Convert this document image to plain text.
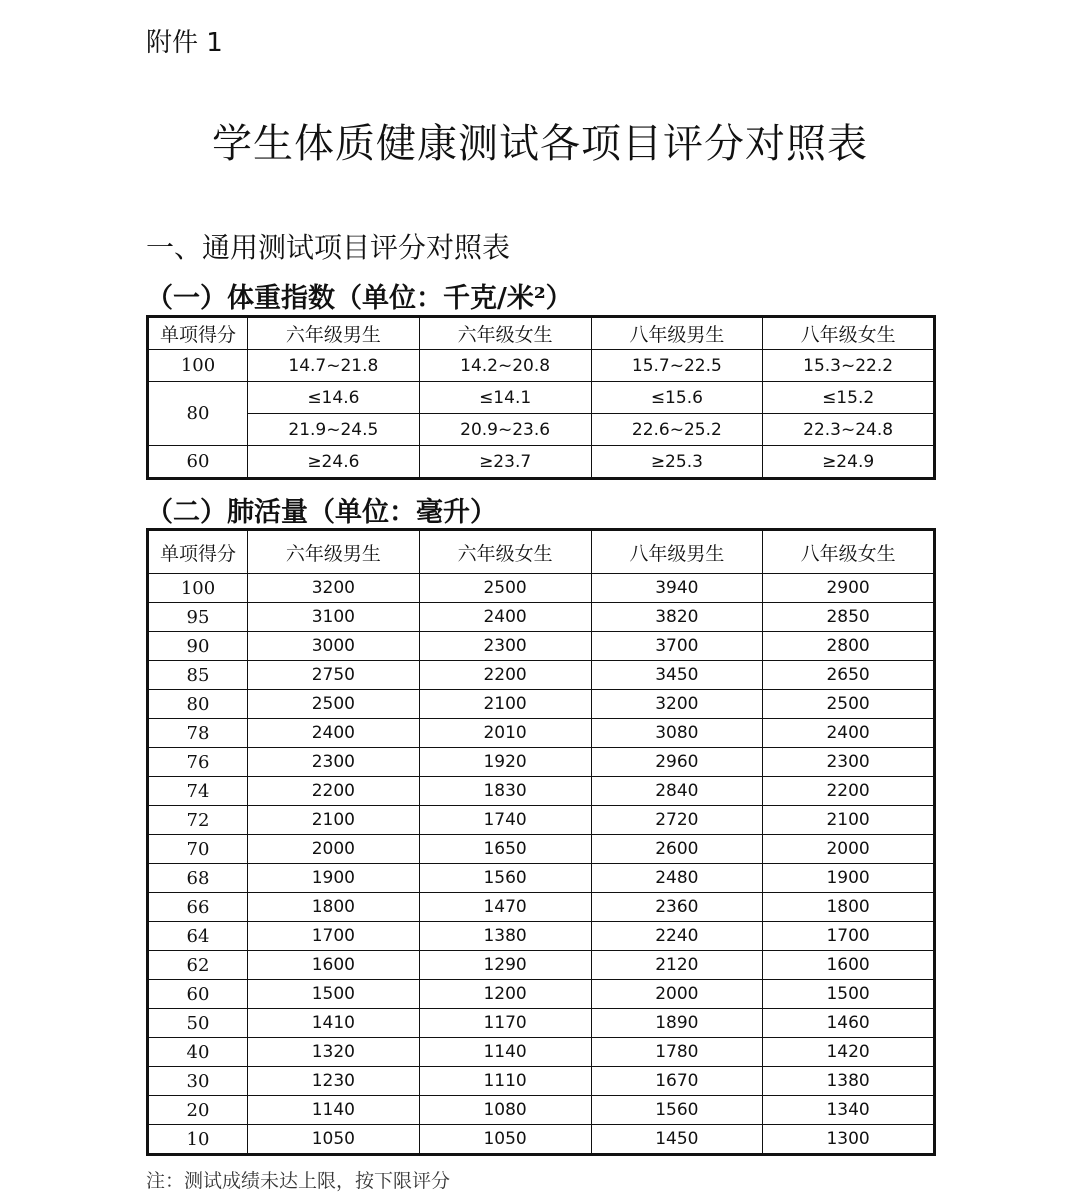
附件 1
学生体质健康测试各项目评分对照表
一、通用测试项目评分对照表
（一）体重指数（单位：千克/米²）
单项得分	六年级男生	六年级女生	八年级男生	八年级女生
100	14.7~21.8	14.2~20.8	15.7~22.5	15.3~22.2
80	≤14.6	≤14.1	≤15.6	≤15.2
	21.9~24.5	20.9~23.6	22.6~25.2	22.3~24.8
60	≥24.6	≥23.7	≥25.3	≥24.9
（二）肺活量（单位：毫升）
单项得分	六年级男生	六年级女生	八年级男生	八年级女生
100	3200	2500	3940	2900
95	3100	2400	3820	2850
90	3000	2300	3700	2800
85	2750	2200	3450	2650
80	2500	2100	3200	2500
78	2400	2010	3080	2400
76	2300	1920	2960	2300
74	2200	1830	2840	2200
72	2100	1740	2720	2100
70	2000	1650	2600	2000
68	1900	1560	2480	1900
66	1800	1470	2360	1800
64	1700	1380	2240	1700
62	1600	1290	2120	1600
60	1500	1200	2000	1500
50	1410	1170	1890	1460
40	1320	1140	1780	1420
30	1230	1110	1670	1380
20	1140	1080	1560	1340
10	1050	1050	1450	1300
注：测试成绩未达上限，按下限评分
